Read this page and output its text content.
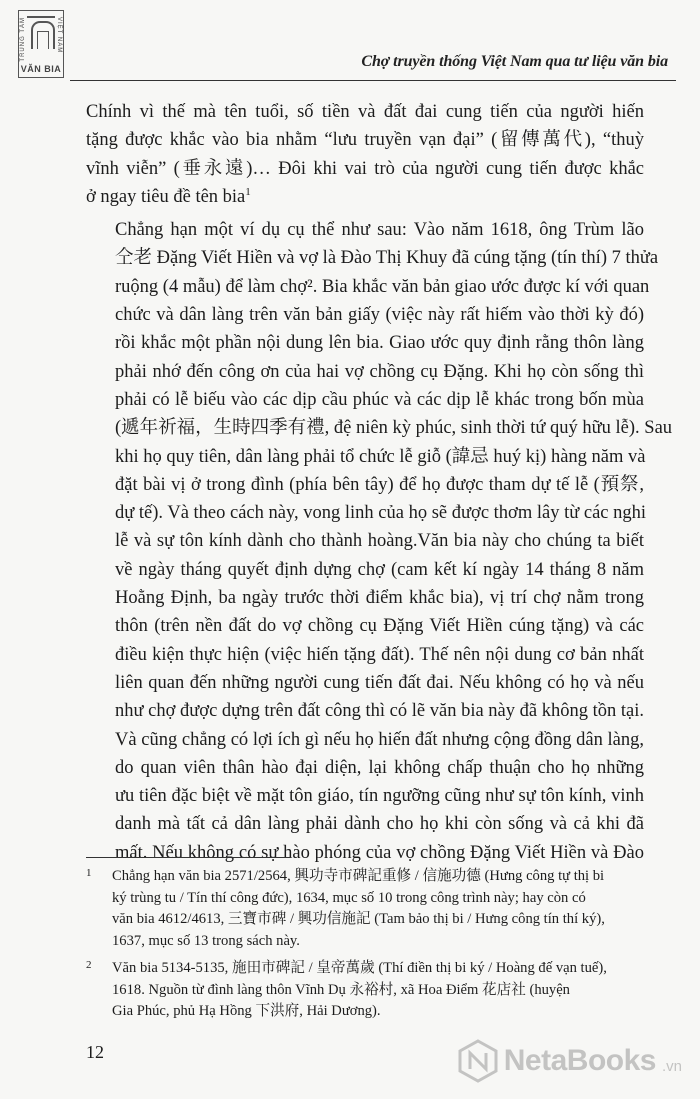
TRUNG TÂM	VIỆT NAM
VĂN BIA	Chợ truyền thống Việt Nam qua tư liệu văn bia

Chính vì thế mà tên tuổi, số tiền và đất đai cung tiến của người hiến
tặng được khắc vào bia nhằm “lưu truyền vạn đại” (留傳萬代), “thuỳ
vĩnh viễn” (垂永遠)… Đôi khi vai trò của người cung tiến được khắc
ở ngay tiêu đề tên bia$^1$

Chẳng hạn một ví dụ cụ thể như sau: Vào năm 1618, ông Trùm lão
仝老 Đặng Viết Hiền và vợ là Đào Thị Khuy đã cúng tặng (tín thí) 7 thửa
ruộng (4 mẫu) để làm chợ². Bia khắc văn bản giao ước được kí với quan
chức và dân làng trên văn bản giấy (việc này rất hiếm vào thời kỳ đó)
rồi khắc một phần nội dung lên bia. Giao ước quy định rằng thôn làng
phải nhớ đến công ơn của hai vợ chồng cụ Đặng. Khi họ còn sống thì
phải có lễ biếu vào các dịp cầu phúc và các dịp lễ khác trong bốn mùa
(遞年祈福，生時四季有禮, đệ niên kỳ phúc, sinh thời tứ quý hữu lễ). Sau
khi họ quy tiên, dân làng phải tổ chức lễ giỗ (諱忌 huý kị) hàng năm và
đặt bài vị ở trong đình (phía bên tây) để họ được tham dự tế lễ (預祭,
dự tế). Và theo cách này, vong linh của họ sẽ được thơm lây từ các nghi
lễ và sự tôn kính dành cho thành hoàng.Văn bia này cho chúng ta biết
về ngày tháng quyết định dựng chợ (cam kết kí ngày 14 tháng 8 năm
Hoằng Định, ba ngày trước thời điểm khắc bia), vị trí chợ nằm trong
thôn (trên nền đất do vợ chồng cụ Đặng Viết Hiền cúng tặng) và các
điều kiện thực hiện (việc hiến tặng đất). Thế nên nội dung cơ bản nhất
liên quan đến những người cung tiến đất đai. Nếu không có họ và nếu
như chợ được dựng trên đất công thì có lẽ văn bia này đã không tồn tại.
Và cũng chẳng có lợi ích gì nếu họ hiến đất nhưng cộng đồng dân làng,
do quan viên thân hào đại diện, lại không chấp thuận cho họ những
ưu tiên đặc biệt về mặt tôn giáo, tín ngưỡng cũng như sự tôn kính, vinh
danh mà tất cả dân làng phải dành cho họ khi còn sống và cả khi đã
mất. Nếu không có sự hào phóng của vợ chồng Đặng Viết Hiền và Đào

1 Chẳng hạn văn bia 2571/2564, 興功寺市碑記重修 / 信施功德 (Hưng công tự thị bi
ký trùng tu / Tín thí công đức), 1634, mục số 10 trong công trình này; hay còn có
văn bia 4612/4613, 三寶市碑 / 興功信施記 (Tam bảo thị bi / Hưng công tín thí ký),
1637, mục số 13 trong sách này.
2 Văn bia 5134-5135, 施田市碑記 / 皇帝萬歲 (Thí điền thị bi ký / Hoàng đế vạn tuế),
1618. Nguồn từ đình làng thôn Vĩnh Dụ 永裕村, xã Hoa Điểm 花店社 (huyện
Gia Phúc, phủ Hạ Hồng 下洪府, Hải Dương).
12	NetaBooks .vn
